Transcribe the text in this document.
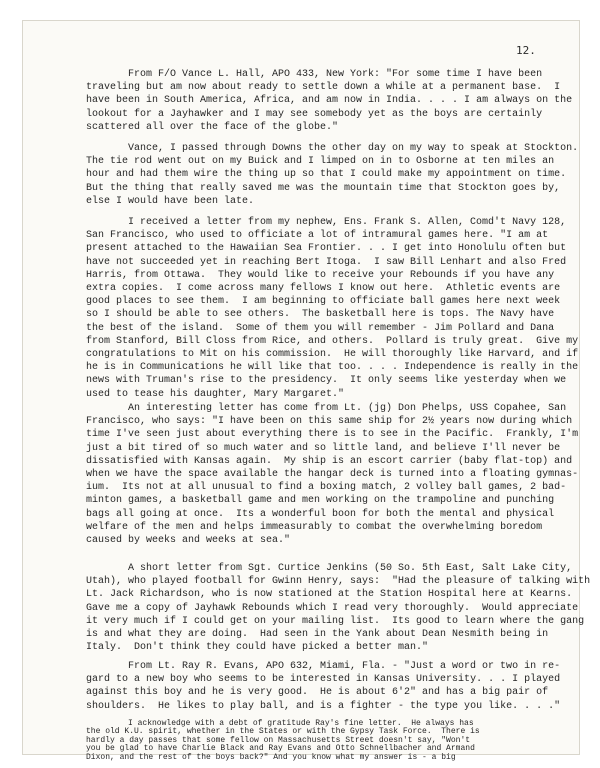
12.
From F/O Vance L. Hall, APO 433, New York: "For some time I have been
traveling but am now about ready to settle down a while at a permanent base.  I
have been in South America, Africa, and am now in India. . . . I am always on the
lookout for a Jayhawker and I may see somebody yet as the boys are certainly
scattered all over the face of the globe."
Vance, I passed through Downs the other day on my way to speak at Stockton.
The tie rod went out on my Buick and I limped on in to Osborne at ten miles an
hour and had them wire the thing up so that I could make my appointment on time.
But the thing that really saved me was the mountain time that Stockton goes by,
else I would have been late.
I received a letter from my nephew, Ens. Frank S. Allen, Comd't Navy 128,
San Francisco, who used to officiate a lot of intramural games here. "I am at
present attached to the Hawaiian Sea Frontier. . . I get into Honolulu often but
have not succeeded yet in reaching Bert Itoga.  I saw Bill Lenhart and also Fred
Harris, from Ottawa.  They would like to receive your Rebounds if you have any
extra copies.  I come across many fellows I know out here.  Athletic events are
good places to see them.  I am beginning to officiate ball games here next week
so I should be able to see others.  The basketball here is tops. The Navy have
the best of the island.  Some of them you will remember - Jim Pollard and Dana
from Stanford, Bill Closs from Rice, and others.  Pollard is truly great.  Give my
congratulations to Mit on his commission.  He will thoroughly like Harvard, and if
he is in Communications he will like that too. . . . Independence is really in the
news with Truman's rise to the presidency.  It only seems like yesterday when we
used to tease his daughter, Mary Margaret."
An interesting letter has come from Lt. (jg) Don Phelps, USS Copahee, San
Francisco, who says: "I have been on this same ship for 2½ years now during which
time I've seen just about everything there is to see in the Pacific.  Frankly, I'm
just a bit tired of so much water and so little land, and believe I'll never be
dissatisfied with Kansas again.  My ship is an escort carrier (baby flat-top) and
when we have the space available the hangar deck is turned into a floating gymnas-
ium.  Its not at all unusual to find a boxing match, 2 volley ball games, 2 bad-
minton games, a basketball game and men working on the trampoline and punching
bags all going at once.  Its a wonderful boon for both the mental and physical
welfare of the men and helps immeasurably to combat the overwhelming boredom
caused by weeks and weeks at sea."
A short letter from Sgt. Curtice Jenkins (50 So. 5th East, Salt Lake City,
Utah), who played football for Gwinn Henry, says:  "Had the pleasure of talking with
Lt. Jack Richardson, who is now stationed at the Station Hospital here at Kearns.
Gave me a copy of Jayhawk Rebounds which I read very thoroughly.  Would appreciate
it very much if I could get on your mailing list.  Its good to learn where the gang
is and what they are doing.  Had seen in the Yank about Dean Nesmith being in
Italy.  Don't think they could have picked a better man."
From Lt. Ray R. Evans, APO 632, Miami, Fla. - "Just a word or two in re-
gard to a new boy who seems to be interested in Kansas University. . . I played
against this boy and he is very good.  He is about 6'2" and has a big pair of
shoulders.  He likes to play ball, and is a fighter - the type you like. . . ."
I acknowledge with a debt of gratitude Ray's fine letter.  He always has
the old K.U. spirit, whether in the States or with the Gypsy Task Force.  There is
hardly a day passes that some fellow on Massachusetts Street doesn't say, "Won't
you be glad to have Charlie Black and Ray Evans and Otto Schnellbacher and Armand
Dixon, and the rest of the boys back?" And you know what my answer is - a big
